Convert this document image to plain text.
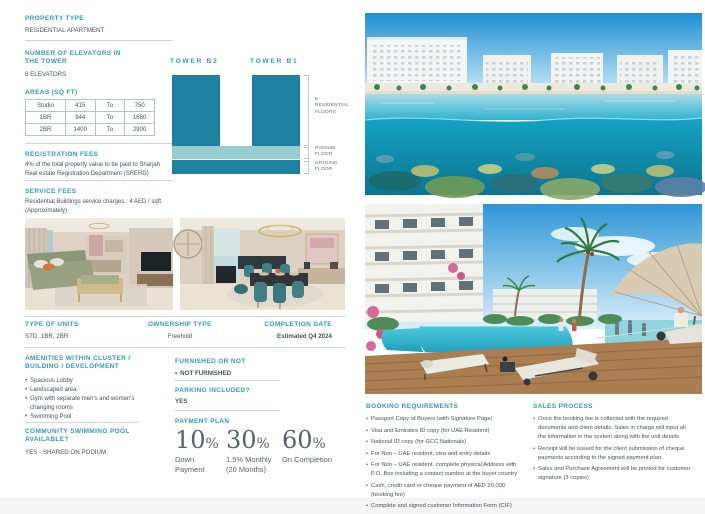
PROPERTY TYPE
RESIDENTIAL APARTMENT
NUMBER OF ELEVATORS IN THE TOWER
8 ELEVATORS
AREAS (SQ FT)
Studio	415	To	750
1BR	944	To	1680
2BR	1400	To	2900
REGISTRATION FEES
4% of the total property value to be paid to Sharjah Real estate Registration Department (SRERD)
SERVICE FEES
Residential Buildings service charges : 4 AED / sqft (Approximately)
TOWER B2	TOWER B1
6 RESIDENTIAL FLOORS
PODIUM FLOOR
GROUND FLOOR
TYPE OF UNITS
STD, 1BR, 2BR
OWNERSHIP TYPE
Freehold
COMPLETION DATE
Estimated Q4 2024
AMENITIES WITHIN CLUSTER / BUILDING / DEVELOPMENT
• Spacious Lobby
• Landscaped area
• Gym with separate men's and women's changing rooms
• Swimming Pool
COMMUNITY SWIMMING POOL AVAILABLE?
YES - SHARED ON PODIUM
FURNISHED OR NOT
• NOT FURNISHED
PARKING INCLUDED?
YES
PAYMENT PLAN
10%
Down Payment
30%
1.5% Monthly (20 Months)
60%
On Completion
BOOKING REQUIREMENTS
• Passport Copy of Buyers (with Signature Page)
• Visa and Emirates ID copy (for UAE Resident)
• National ID copy (for GCC Nationals)
• For Non – UAE resident, visa and entry details
• For Non – UAE resident, complete physical Address with P.O. Box including a contact number at the buyer country
• Cash, credit card or cheque payment of AED 20,000 (booking fee)
• Complete and signed customer Information Form (CIF)
SALES PROCESS
• Once the booking fee is collected with the required documents and client details, Sales in charge will input all the information in the system along with the unit details
• Receipt will be issued for the client submission of cheque payments according to the signed payment plan.
• Sales and Purchase Agreement will be printed for customer signature (3 copies)
